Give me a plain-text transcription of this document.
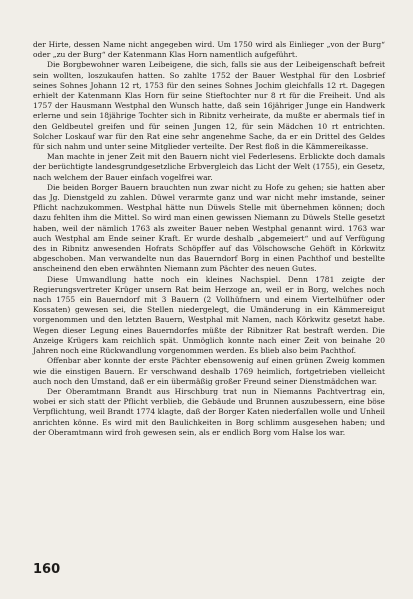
der Hirte, dessen Name nicht angegeben wird. Um 1750 wird als Einlieger „von der Burg“ oder „zu der Burg“ der Katenmann Klas Horn namentlich aufgeführt.

Die Borgbewohner waren Leibeigene, die sich, falls sie aus der Leibeigenschaft befreit sein wollten, loszukaufen hatten. So zahlte 1752 der Bauer Westphal für den Losbrief seines Sohnes Johann 12 rt, 1753 für den seines Sohnes Jochim gleichfalls 12 rt. Dagegen erhielt der Katenmann Klas Horn für seine Stieftochter nur 8 rt für die Freiheit. Und als 1757 der Hausmann Westphal den Wunsch hatte, daß sein 16jähriger Junge ein Handwerk erlerne und sein 18jährige Tochter sich in Ribnitz verheirate, da mußte er abermals tief in den Geldbeutel greifen und für seinen Jungen 12, für sein Mädchen 10 rt entrichten. Solcher Loskauf war für den Rat eine sehr angenehme Sache, da er ein Drittel des Geldes für sich nahm und unter seine Mitglieder verteilte. Der Rest floß in die Kämmereikasse.

Man machte in jener Zeit mit den Bauern nicht viel Federlesens. Erblickte doch damals der berüchtigte landesgrundgesetzliche Erbvergleich das Licht der Welt (1755), ein Gesetz, nach welchem der Bauer einfach vogelfrei war.

Die beiden Borger Bauern brauchten nun zwar nicht zu Hofe zu gehen; sie hatten aber das Jg. Dienstgeld zu zahlen. Düwel verarmte ganz und war nicht mehr imstande, seiner Pflicht nachzukommen. Westphal hätte nun Düwels Stelle mit übernehmen können; doch dazu fehlten ihm die Mittel. So wird man einen gewissen Niemann zu Düwels Stelle gesetzt haben, weil der nämlich 1763 als zweiter Bauer neben Westphal genannt wird. 1763 war auch Westphal am Ende seiner Kraft. Er wurde deshalb „abgemeiert“ und auf Verfügung des in Ribnitz anwesenden Hofrats Schöpffer auf das Völschowsche Gehöft in Körkwitz abgeschoben. Man verwandelte nun das Bauerndorf Borg in einen Pachthof und bestellte anscheinend den eben erwähnten Niemann zum Pächter des neuen Gutes.

Diese Umwandlung hatte noch ein kleines Nachspiel. Denn 1781 zeigte der Regierungsvertreter Krüger unsern Rat beim Herzoge an, weil er in Borg, welches noch nach 1755 ein Bauerndorf mit 3 Bauern (2 Vollhüfnern und einem Viertelhüfner oder Kossaten) gewesen sei, die Stellen niedergelegt, die Umänderung in ein Kämmereigut vorgenommen und den letzten Bauern, Westphal mit Namen, nach Körkwitz gesetzt habe. Wegen dieser Legung eines Bauerndorfes müßte der Ribnitzer Rat bestraft werden. Die Anzeige Krügers kam reichlich spät. Unmöglich konnte nach einer Zeit von beinahe 20 Jahren noch eine Rückwandlung vorgenommen werden. Es blieb also beim Pachthof.

Offenbar aber konnte der erste Pächter ebensowenig auf einen grünen Zweig kommen wie die einstigen Bauern. Er verschwand deshalb 1769 heimlich, fortgetrieben vielleicht auch noch den Umstand, daß er ein übermäßig großer Freund seiner Dienstmädchen war.

Der Oberamtmann Brandt aus Hirschburg trat nun in Niemanns Pachtvertrag ein, wobei er sich statt der Pflicht verblieb, die Gebäude und Brunnen auszubessern, eine böse Verpflichtung, weil Brandt 1774 klagte, daß der Borger Katen niederfallen wolle und Unheil anrichten könne. Es wird mit den Baulichkeiten in Borg schlimm ausgesehen haben; und der Oberamtmann wird froh gewesen sein, als er endlich Borg vom Halse los war.

160
